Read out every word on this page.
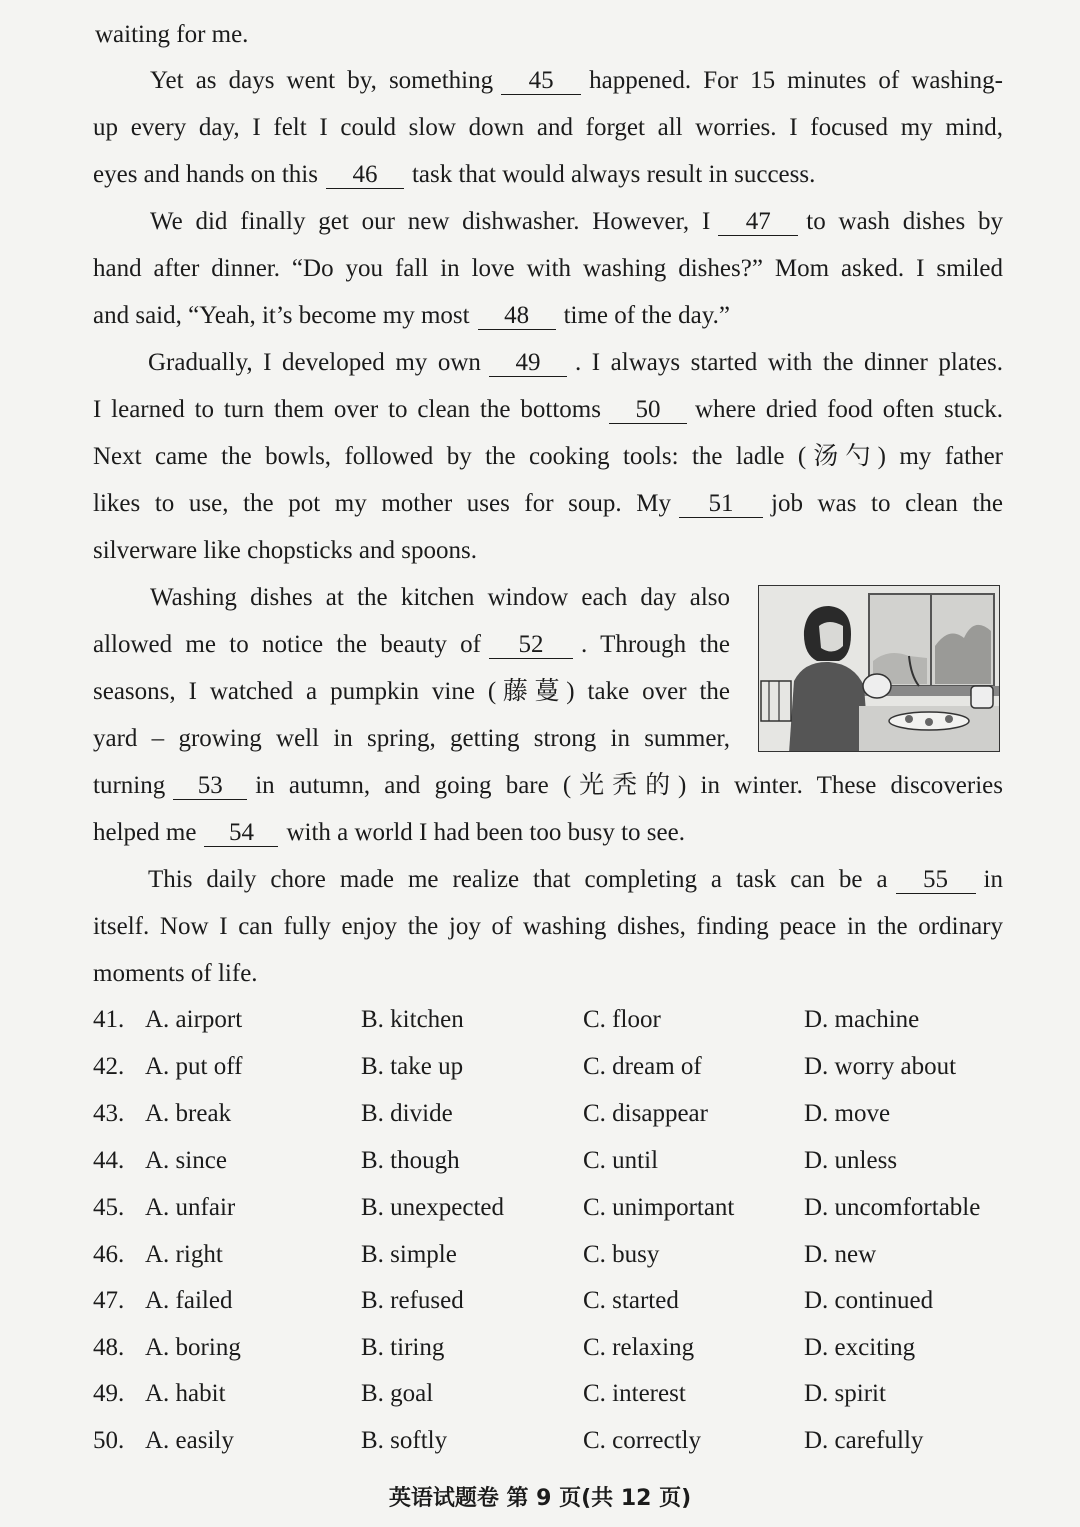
waiting for me.
Yet as days went by, something 45 happened. For 15 minutes of washing-
up every day, I felt I could slow down and forget all worries. I focused my mind,
eyes and hands on this 46 task that would always result in success.
We did finally get our new dishwasher. However, I 47 to wash dishes by
hand after dinner. “Do you fall in love with washing dishes?” Mom asked. I smiled
and said, “Yeah, it’s become my most 48 time of the day.”
Gradually, I developed my own 49 . I always started with the dinner plates.
I learned to turn them over to clean the bottoms 50 where dried food often stuck.
Next came the bowls, followed by the cooking tools: the ladle (汤勺) my father
likes to use, the pot my mother uses for soup. My 51 job was to clean the
silverware like chopsticks and spoons.
Washing dishes at the kitchen window each day also
allowed me to notice the beauty of 52 . Through the
seasons, I watched a pumpkin vine (藤蔓) take over the
yard – growing well in spring, getting strong in summer,
turning 53 in autumn, and going bare (光秃的) in winter. These discoveries
helped me 54 with a world I had been too busy to see.
This daily chore made me realize that completing a task can be a 55 in
itself. Now I can fully enjoy the joy of washing dishes, finding peace in the ordinary
moments of life.
41. A. airport	B. kitchen	C. floor	D. machine
42. A. put off	B. take up	C. dream of	D. worry about
43. A. break	B. divide	C. disappear	D. move
44. A. since	B. though	C. until	D. unless
45. A. unfair	B. unexpected	C. unimportant	D. uncomfortable
46. A. right	B. simple	C. busy	D. new
47. A. failed	B. refused	C. started	D. continued
48. A. boring	B. tiring	C. relaxing	D. exciting
49. A. habit	B. goal	C. interest	D. spirit
50. A. easily	B. softly	C. correctly	D. carefully
英语试题卷 第 9 页(共 12 页)
